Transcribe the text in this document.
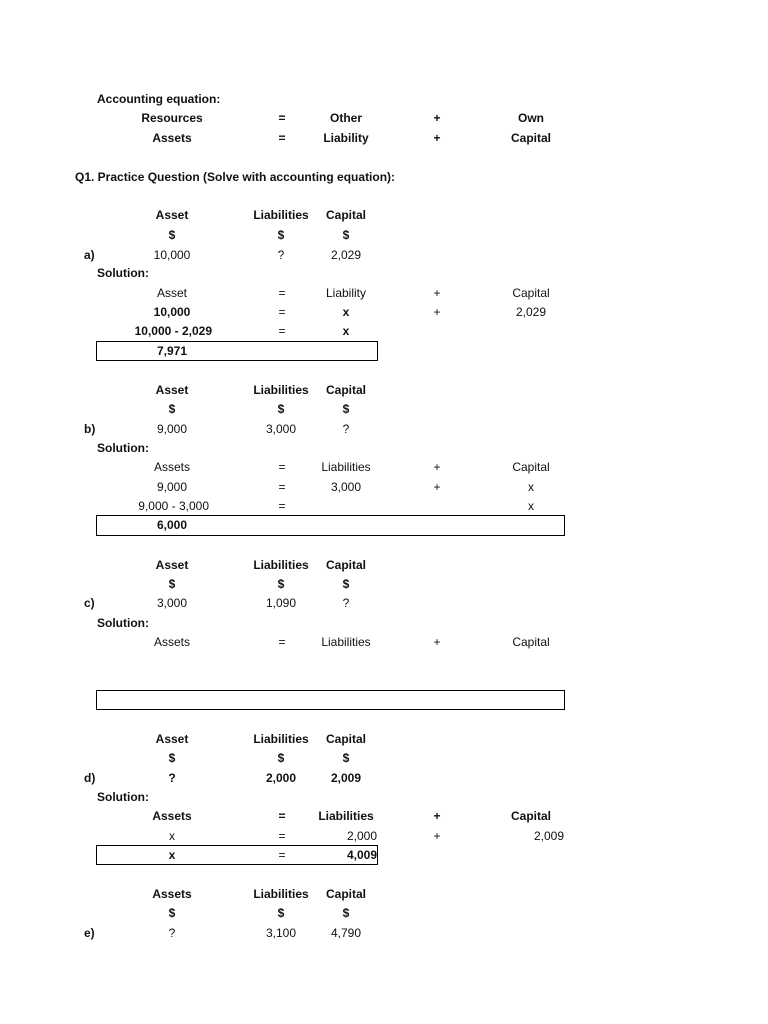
Accounting equation:
Resources	=	Other	+	Own
Assets	=	Liability	+	Capital
Q1. Practice Question (Solve with accounting equation):
Asset	Liabilities Capital
$	$	$
a)	10,000	?	2,029
Solution:
Asset	=	Liability	+	Capital
10,000	=	x	+	2,029
10,000 - 2,029	=	x
7,971
Asset	Liabilities Capital
$	$	$
b)	9,000	3,000	?
Solution:
Assets	=	Liabilities	+	Capital
9,000	=	3,000	+	x
9,000 - 3,000	=	x
6,000
Asset	Liabilities Capital
$	$	$
c)	3,000	1,090	?
Solution:
Assets	=	Liabilities	+	Capital
Asset	Liabilities Capital
$	$	$
d)	?	2,000	2,009
Solution:
Assets	=	Liabilities	+	Capital
x	=	2,000	+	2,009
x	=	4,009
Assets	Liabilities Capital
$	$	$
e)	?	3,100	4,790
